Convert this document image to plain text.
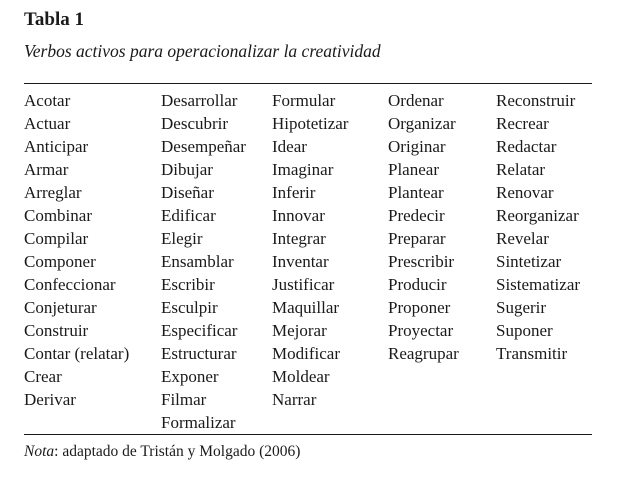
Tabla 1

Verbos activos para operacionalizar la creatividad

Acotar
Actuar
Anticipar
Armar
Arreglar
Combinar
Compilar
Componer
Confeccionar
Conjeturar
Construir
Contar (relatar)
Crear
Derivar
Desarrollar
Descubrir
Desempeñar
Dibujar
Diseñar
Edificar
Elegir
Ensamblar
Escribir
Esculpir
Especificar
Estructurar
Exponer
Filmar
Formalizar
Formular
Hipotetizar
Idear
Imaginar
Inferir
Innovar
Integrar
Inventar
Justificar
Maquillar
Mejorar
Modificar
Moldear
Narrar
Ordenar
Organizar
Originar
Planear
Plantear
Predecir
Preparar
Prescribir
Producir
Proponer
Proyectar
Reagrupar
Reconstruir
Recrear
Redactar
Relatar
Renovar
Reorganizar
Revelar
Sintetizar
Sistematizar
Sugerir
Suponer
Transmitir

Nota: adaptado de Tristán y Molgado (2006)
